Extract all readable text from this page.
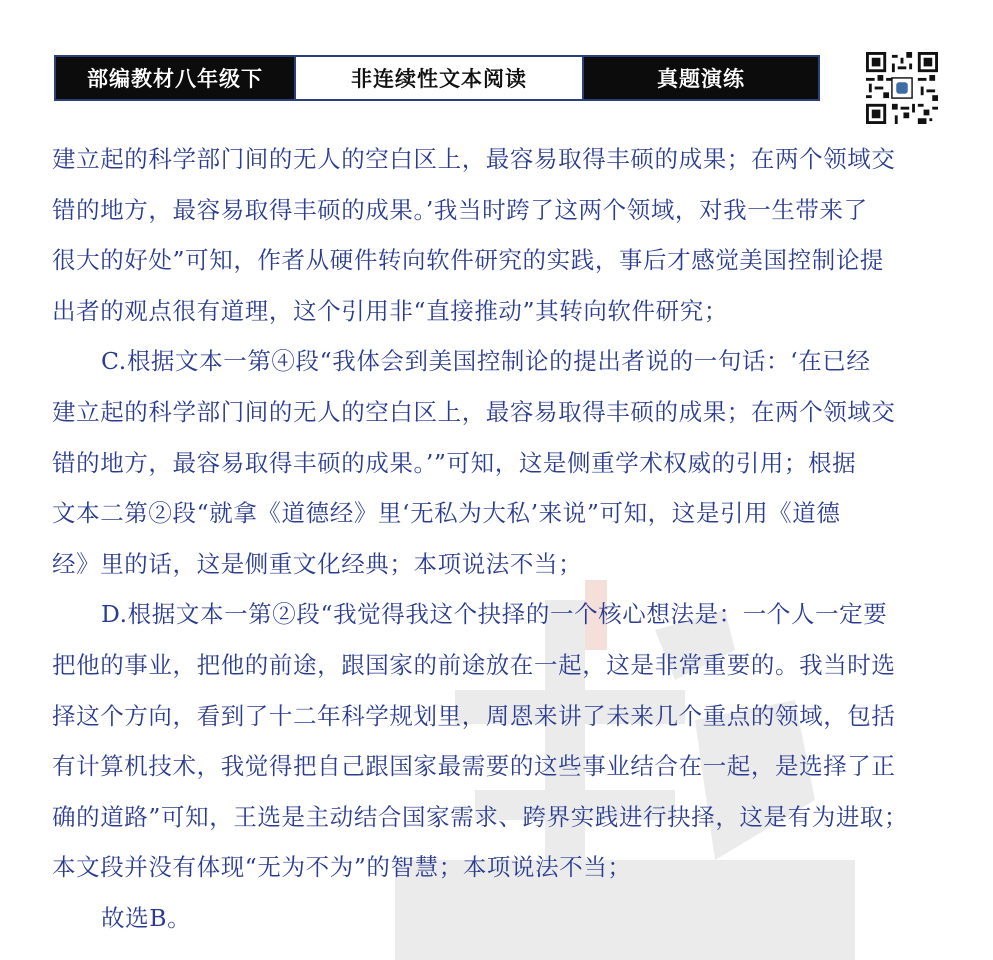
部编教材八年级下	非连续性文本阅读	真题演练

建立起的科学部门间的无人的空白区上，最容易取得丰硕的成果；在两个领域交

错的地方，最容易取得丰硕的成果。’我当时跨了这两个领域，对我一生带来了

很大的好处”可知，作者从硬件转向软件研究的实践，事后才感觉美国控制论提

出者的观点很有道理，这个引用非“直接推动”其转向软件研究；

C.根据文本一第④段“我体会到美国控制论的提出者说的一句话：‘在已经

建立起的科学部门间的无人的空白区上，最容易取得丰硕的成果；在两个领域交

错的地方，最容易取得丰硕的成果。’”可知，这是侧重学术权威的引用；根据

文本二第②段“就拿《道德经》里‘无私为大私’来说”可知，这是引用《道德

经》里的话，这是侧重文化经典；本项说法不当；

D.根据文本一第②段“我觉得我这个抉择的一个核心想法是：一个人一定要

把他的事业，把他的前途，跟国家的前途放在一起，这是非常重要的。我当时选

择这个方向，看到了十二年科学规划里，周恩来讲了未来几个重点的领域，包括

有计算机技术，我觉得把自己跟国家最需要的这些事业结合在一起，是选择了正

确的道路”可知，王选是主动结合国家需求、跨界实践进行抉择，这是有为进取；

本文段并没有体现“无为不为”的智慧；本项说法不当；

故选B。
